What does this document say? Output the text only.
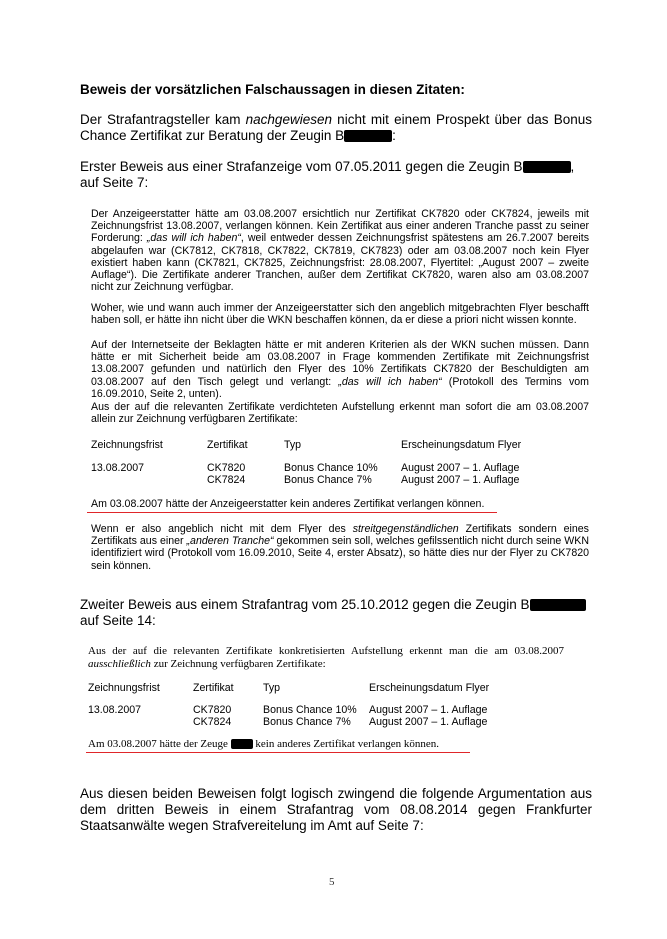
Beweis der vorsätzlichen Falschaussagen in diesen Zitaten:
Der Strafantragsteller kam nachgewiesen nicht mit einem Prospekt über das Bonus Chance Zertifikat zur Beratung der Zeugin B	:
Erster Beweis aus einer Strafanzeige vom 07.05.2011 gegen die Zeugin B	,
auf Seite 7:
Der Anzeigeerstatter hätte am 03.08.2007 ersichtlich nur Zertifikat CK7820 oder CK7824, jeweils mit Zeichnungsfrist 13.08.2007, verlangen können. Kein Zertifikat aus einer anderen Tranche passt zu seiner Forderung: „das will ich haben“, weil entweder dessen Zeichnungsfrist spätestens am 26.7.2007 bereits abgelaufen war (CK7812, CK7818, CK7822, CK7819, CK7823) oder am 03.08.2007 noch kein Flyer existiert haben kann (CK7821, CK7825, Zeichnungsfrist: 28.08.2007, Flyertitel: „August 2007 – zweite Auflage“). Die Zertifikate anderer Tranchen, außer dem Zertifikat CK7820, waren also am 03.08.2007 nicht zur Zeichnung verfügbar.
Woher, wie und wann auch immer der Anzeigeerstatter sich den angeblich mitgebrachten Flyer beschafft haben soll, er hätte ihn nicht über die WKN beschaffen können, da er diese a priori nicht wissen konnte.
Auf der Internetseite der Beklagten hätte er mit anderen Kriterien als der WKN suchen müssen. Dann hätte er mit Sicherheit beide am 03.08.2007 in Frage kommenden Zertifikate mit Zeichnungsfrist 13.08.2007 gefunden und natürlich den Flyer des 10% Zertifikats CK7820 der Beschuldigten am 03.08.2007 auf den Tisch gelegt und verlangt: „das will ich haben“ (Protokoll des Termins vom 16.09.2010, Seite 2, unten).
Aus der auf die relevanten Zertifikate verdichteten Aufstellung erkennt man sofort die am 03.08.2007 allein zur Zeichnung verfügbaren Zertifikate:
Zeichnungsfrist	Zertifikat	Typ	Erscheinungsdatum Flyer

13.08.2007	CK7820	Bonus Chance 10%	August 2007 – 1. Auflage
	CK7824	Bonus Chance 7%	August 2007 – 1. Auflage
Am 03.08.2007 hätte der Anzeigeerstatter kein anderes Zertifikat verlangen können.
Wenn er also angeblich nicht mit dem Flyer des streitgegenständlichen Zertifikats sondern eines Zertifikats aus einer „anderen Tranche“ gekommen sein soll, welches gefilssentlich nicht durch seine WKN identifiziert wird (Protokoll vom 16.09.2010, Seite 4, erster Absatz), so hätte dies nur der Flyer zu CK7820 sein können.
Zweiter Beweis aus einem Strafantrag vom 25.10.2012 gegen die Zeugin B
auf Seite 14:
Aus der auf die relevanten Zertifikate konkretisierten Aufstellung erkennt man die am 03.08.2007 ausschließlich zur Zeichnung verfügbaren Zertifikate:
Zeichnungsfrist	Zertifikat	Typ	Erscheinungsdatum Flyer

13.08.2007	CK7820	Bonus Chance 10%	August 2007 – 1. Auflage
	CK7824	Bonus Chance 7%	August 2007 – 1. Auflage
Am 03.08.2007 hätte der Zeuge  kein anderes Zertifikat verlangen können.
Aus diesen beiden Beweisen folgt logisch zwingend die folgende Argumentation aus dem dritten Beweis in einem Strafantrag vom 08.08.2014 gegen Frankfurter Staatsanwälte wegen Strafvereitelung im Amt auf Seite 7:
5
